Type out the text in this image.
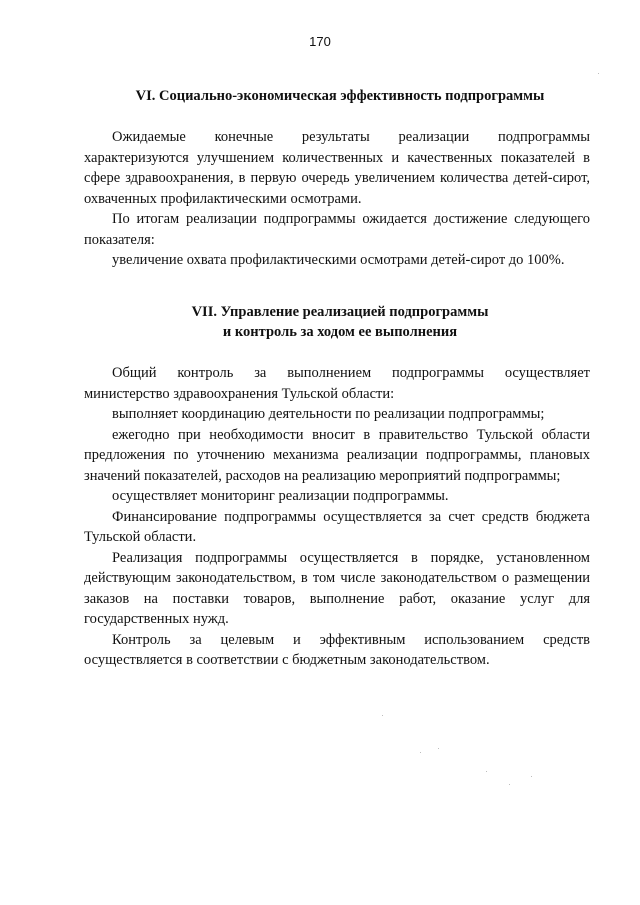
170
VI. Социально-экономическая эффективность подпрограммы

Ожидаемые конечные результаты реализации подпрограммы характеризуются улучшением количественных и качественных показателей в сфере здравоохранения, в первую очередь увеличением количества детей-сирот, охваченных профилактическими осмотрами.

По итогам реализации подпрограммы ожидается достижение следующего показателя:

увеличение охвата профилактическими осмотрами детей-сирот до 100%.

VII. Управление реализацией подпрограммы
и контроль за ходом ее выполнения

Общий контроль за выполнением подпрограммы осуществляет министерство здравоохранения Тульской области:

выполняет координацию деятельности по реализации подпрограммы;

ежегодно при необходимости вносит в правительство Тульской области предложения по уточнению механизма реализации подпрограммы, плановых значений показателей, расходов на реализацию мероприятий подпрограммы;

осуществляет мониторинг реализации подпрограммы.

Финансирование подпрограммы осуществляется за счет средств бюджета Тульской области.

Реализация подпрограммы осуществляется в порядке, установленном действующим законодательством, в том числе законодательством о размещении заказов на поставки товаров, выполнение работ, оказание услуг для государственных нужд.

Контроль за целевым и эффективным использованием средств осуществляется в соответствии с бюджетным законодательством.
